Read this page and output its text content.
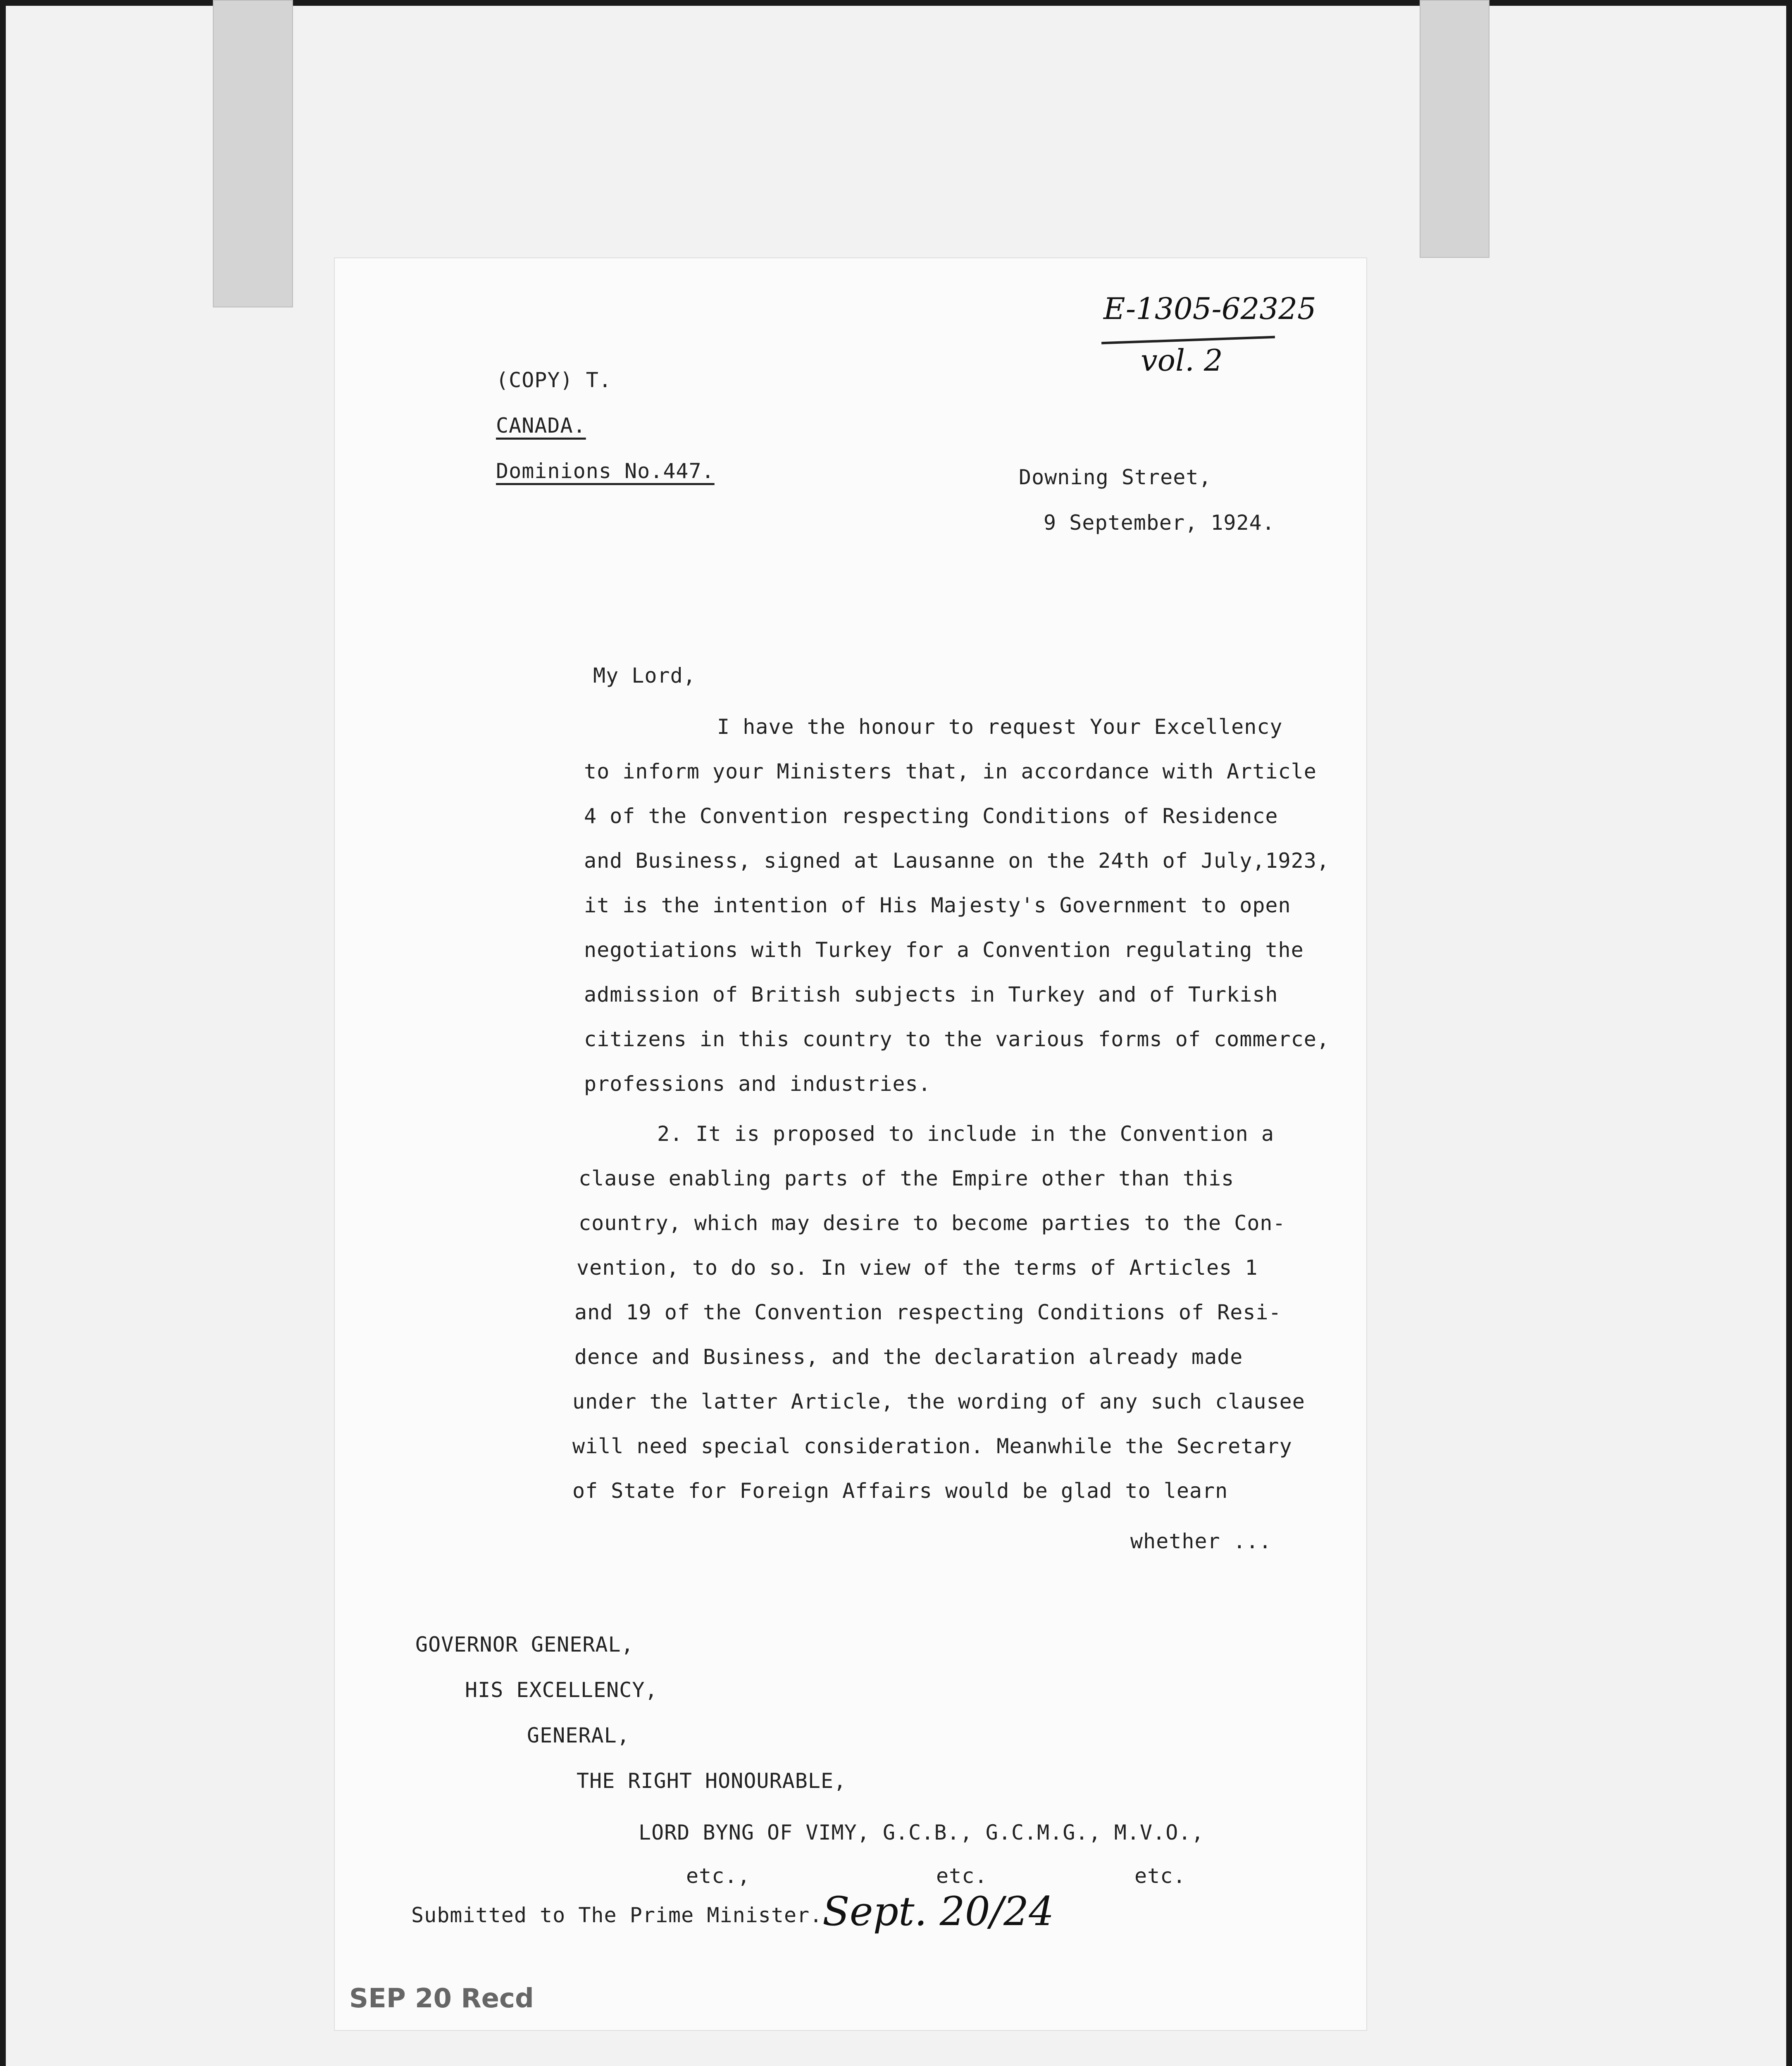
(COPY) T.
CANADA.
Dominions No.447.	Downing Street,
9 September, 1924.
E-1305-62325
vol. 2
My Lord,
I have the honour to request Your Excellency
to inform your Ministers that, in accordance with Article
4 of the Convention respecting Conditions of Residence
and Business, signed at Lausanne on the 24th of July,1923,
it is the intention of His Majesty's Government to open
negotiations with Turkey for a Convention regulating the
admission of British subjects in Turkey and of Turkish
citizens in this country to the various forms of commerce,
professions and industries.
2. It is proposed to include in the Convention a
clause enabling parts of the Empire other than this
country, which may desire to become parties to the Con-
vention, to do so. In view of the terms of Articles 1
and 19 of the Convention respecting Conditions of Resi-
dence and Business, and the declaration already made
under the latter Article, the wording of any such clausee
will need special consideration. Meanwhile the Secretary
of State for Foreign Affairs would be glad to learn
whether ...
GOVERNOR GENERAL,
HIS EXCELLENCY,
GENERAL,
THE RIGHT HONOURABLE,
LORD BYNG OF VIMY, G.C.B., G.C.M.G., M.V.O.,
etc.,	etc.	etc.
Submitted to The Prime Minister. Sept. 20/24
SEP 20 Recd
